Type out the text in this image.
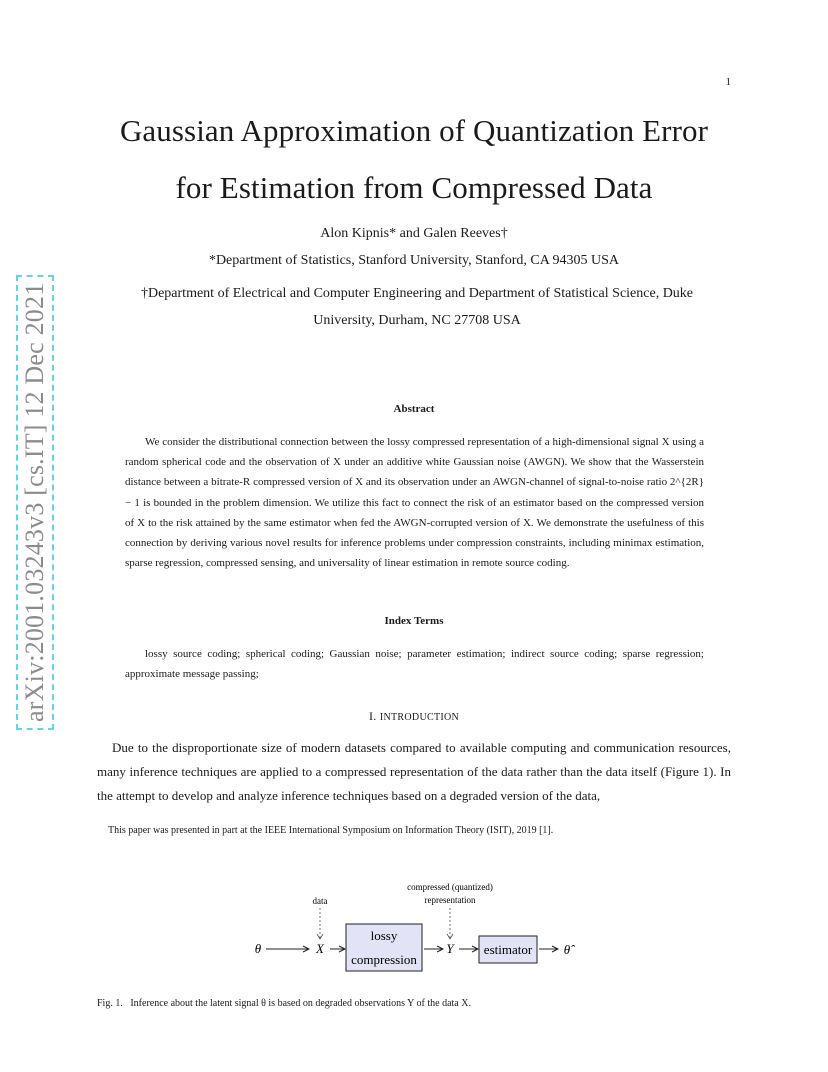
1
Gaussian Approximation of Quantization Error
for Estimation from Compressed Data
Alon Kipnis* and Galen Reeves†
*Department of Statistics, Stanford University, Stanford, CA 94305 USA
†Department of Electrical and Computer Engineering and Department of Statistical Science, Duke University, Durham, NC 27708 USA
arXiv:2001.03243v3 [cs.IT] 12 Dec 2021	Abstract

We consider the distributional connection between the lossy compressed representation of a high-dimensional signal X using a random spherical code and the observation of X under an additive white Gaussian noise (AWGN). We show that the Wasserstein distance between a bitrate-R compressed version of X and its observation under an AWGN-channel of signal-to-noise ratio 2^{2R} − 1 is bounded in the problem dimension. We utilize this fact to connect the risk of an estimator based on the compressed version of X to the risk attained by the same estimator when fed the AWGN-corrupted version of X. We demonstrate the usefulness of this connection by deriving various novel results for inference problems under compression constraints, including minimax estimation, sparse regression, compressed sensing, and universality of linear estimation in remote source coding.

Index Terms

lossy source coding; spherical coding; Gaussian noise; parameter estimation; indirect source coding; sparse regression; approximate message passing;

I. INTRODUCTION

Due to the disproportionate size of modern datasets compared to available computing and communication resources, many inference techniques are applied to a compressed representation of the data rather than the data itself (Figure 1). In the attempt to develop and analyze inference techniques based on a degraded version of the data,

This paper was presented in part at the IEEE International Symposium on Information Theory (ISIT), 2019 [1].
data
compressed (quantized)
representation
θ	X
lossy
compression
Y estimator θ̂
Fig. 1.   Inference about the latent signal θ is based on degraded observations Y of the data X.
